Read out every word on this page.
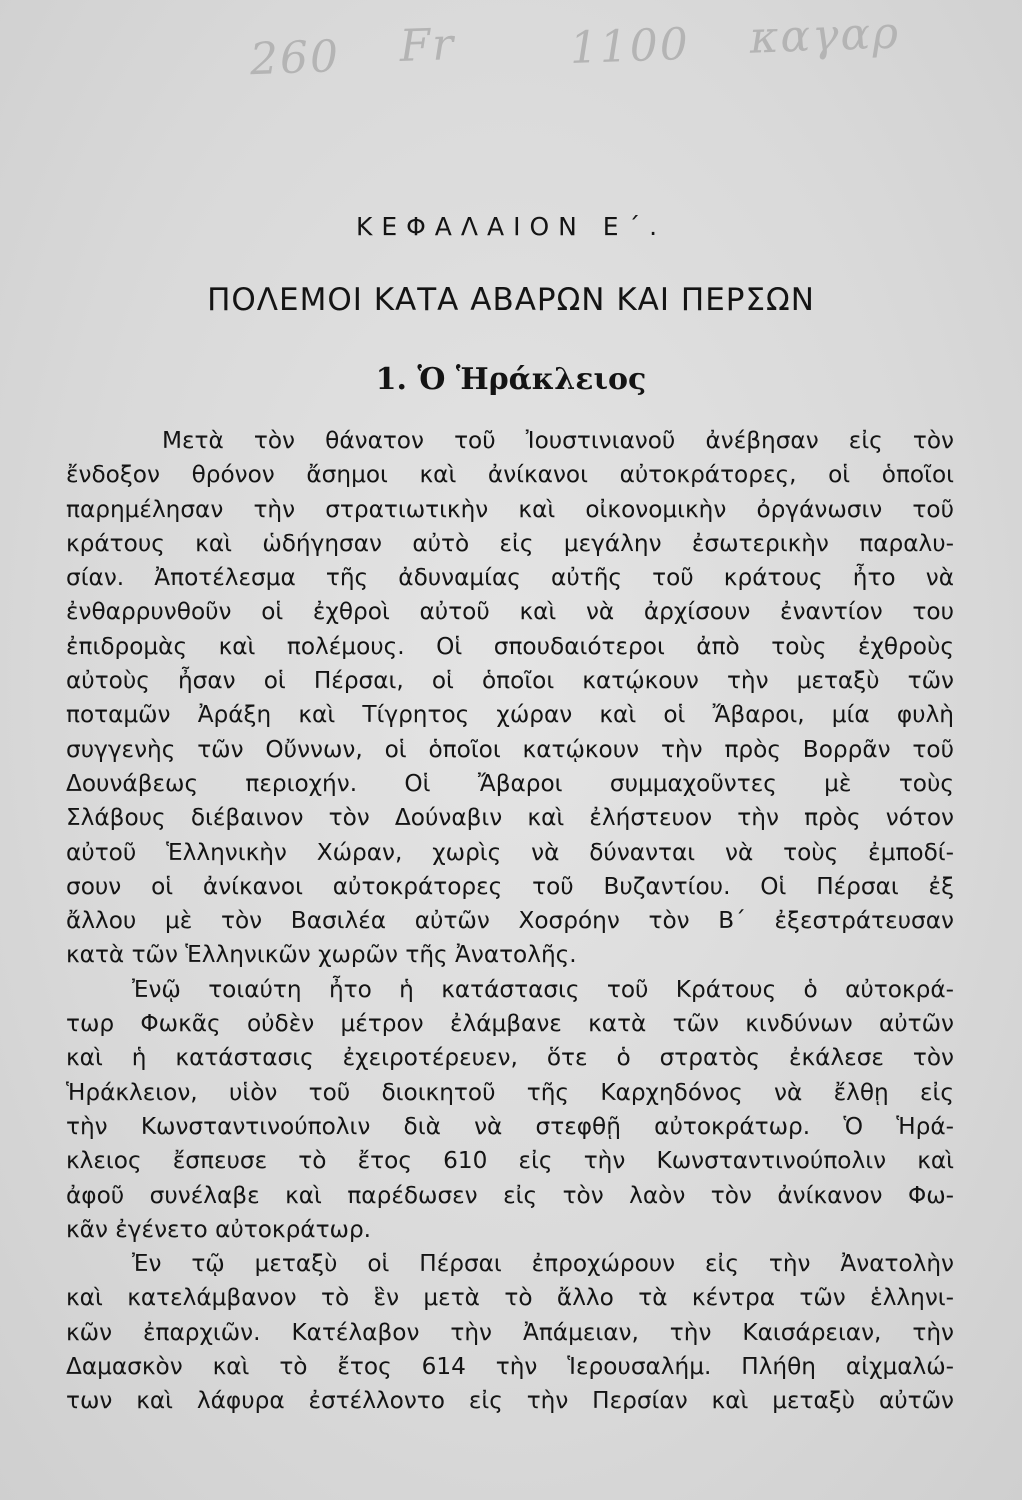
260 Fr	1100 καγαρ
ΚΕΦΑΛΑΙΟΝ Ε΄.
ΠΟΛΕΜΟΙ ΚΑΤΑ ΑΒΑΡΩΝ ΚΑΙ ΠΕΡΣΩΝ
1. Ὁ Ἡράκλειος
Μετὰ τὸν θάνατον τοῦ Ἰουστινιανοῦ ἀνέβησαν εἰς τὸν
ἔνδοξον θρόνον ἄσημοι καὶ ἀνίκανοι αὐτοκράτορες, οἱ ὁποῖοι
παρημέλησαν τὴν στρατιωτικὴν καὶ οἰκονομικὴν ὀργάνωσιν τοῦ
κράτους καὶ ὡδήγησαν αὐτὸ εἰς μεγάλην ἐσωτερικὴν παραλυ-
σίαν. Ἀποτέλεσμα τῆς ἀδυναμίας αὐτῆς τοῦ κράτους ἦτο νὰ
ἐνθαρρυνθοῦν οἱ ἐχθροὶ αὐτοῦ καὶ νὰ ἀρχίσουν ἐναντίον του
ἐπιδρομὰς καὶ πολέμους. Οἱ σπουδαιότεροι ἀπὸ τοὺς ἐχθροὺς
αὐτοὺς ἦσαν οἱ Πέρσαι, οἱ ὁποῖοι κατῴκουν τὴν μεταξὺ τῶν
ποταμῶν Ἀράξη καὶ Τίγρητος χώραν καὶ οἱ Ἄβαροι, μία φυλὴ
συγγενὴς τῶν Οὔννων, οἱ ὁποῖοι κατῴκουν τὴν πρὸς Βορρᾶν τοῦ
Δουνάβεως περιοχήν. Οἱ Ἄβαροι συμμαχοῦντες μὲ τοὺς
Σλάβους διέβαινον τὸν Δούναβιν καὶ ἐλήστευον τὴν πρὸς νότον
αὐτοῦ Ἑλληνικὴν Χώραν, χωρὶς νὰ δύνανται νὰ τοὺς ἐμποδί-
σουν οἱ ἀνίκανοι αὐτοκράτορες τοῦ Βυζαντίου. Οἱ Πέρσαι ἐξ
ἄλλου μὲ τὸν Βασιλέα αὐτῶν Χοσρόην τὸν Β΄ ἐξεστράτευσαν
κατὰ τῶν Ἑλληνικῶν χωρῶν τῆς Ἀνατολῆς.
Ἐνῷ τοιαύτη ἦτο ἡ κατάστασις τοῦ Κράτους ὁ αὐτοκρά-
τωρ Φωκᾶς οὐδὲν μέτρον ἐλάμβανε κατὰ τῶν κινδύνων αὐτῶν
καὶ ἡ κατάστασις ἐχειροτέρευεν, ὅτε ὁ στρατὸς ἐκάλεσε τὸν
Ἡράκλειον, υἱὸν τοῦ διοικητοῦ τῆς Καρχηδόνος νὰ ἔλθῃ εἰς
τὴν Κωνσταντινούπολιν διὰ νὰ στεφθῇ αὐτοκράτωρ. Ὁ Ἡρά-
κλειος ἔσπευσε τὸ ἔτος 610 εἰς τὴν Κωνσταντινούπολιν καὶ
ἀφοῦ συνέλαβε καὶ παρέδωσεν εἰς τὸν λαὸν τὸν ἀνίκανον Φω-
κᾶν ἐγένετο αὐτοκράτωρ.
Ἐν τῷ μεταξὺ οἱ Πέρσαι ἐπροχώρουν εἰς τὴν Ἀνατολὴν
καὶ κατελάμβανον τὸ ἓν μετὰ τὸ ἄλλο τὰ κέντρα τῶν ἑλληνι-
κῶν ἐπαρχιῶν. Κατέλαβον τὴν Ἀπάμειαν, τὴν Καισάρειαν, τὴν
Δαμασκὸν καὶ τὸ ἔτος 614 τὴν Ἱερουσαλήμ. Πλήθη αἰχμαλώ-
των καὶ λάφυρα ἐστέλλοντο εἰς τὴν Περσίαν καὶ μεταξὺ αὐτῶν
